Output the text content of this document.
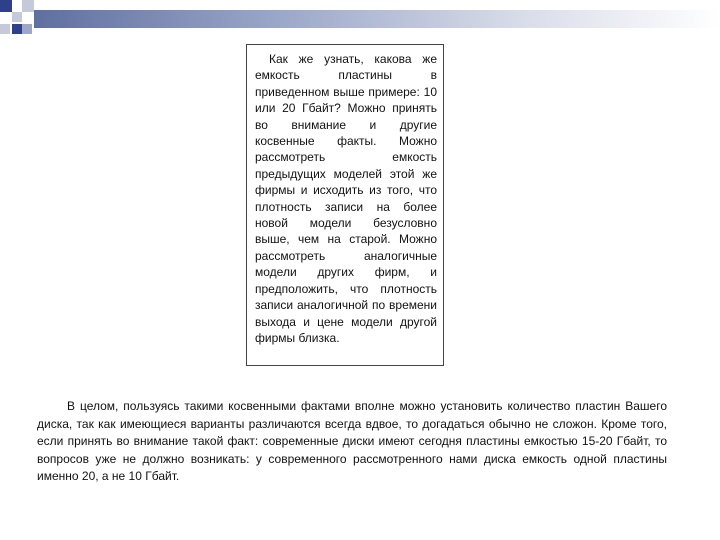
Как же узнать, какова же емкость пластины в приведенном выше примере: 10 или 20 Гбайт? Можно принять во внимание и другие косвенные факты. Можно рассмотреть емкость предыдущих моделей этой же фирмы и исходить из того, что плотность записи на более новой модели безусловно выше, чем на старой. Можно рассмотреть аналогичные модели других фирм, и предположить, что плотность записи аналогичной по времени выхода и цене модели другой фирмы близка.

В целом, пользуясь такими косвенными фактами вполне можно установить количество пластин Вашего диска, так как имеющиеся варианты различаются всегда вдвое, то догадаться обычно не сложон. Кроме того, если принять во внимание такой факт: современные диски имеют сегодня пластины емкостью 15-20 Гбайт, то вопросов уже не должно возникать: у современного рассмотренного нами диска емкость одной пластины именно 20, а не 10 Гбайт.
